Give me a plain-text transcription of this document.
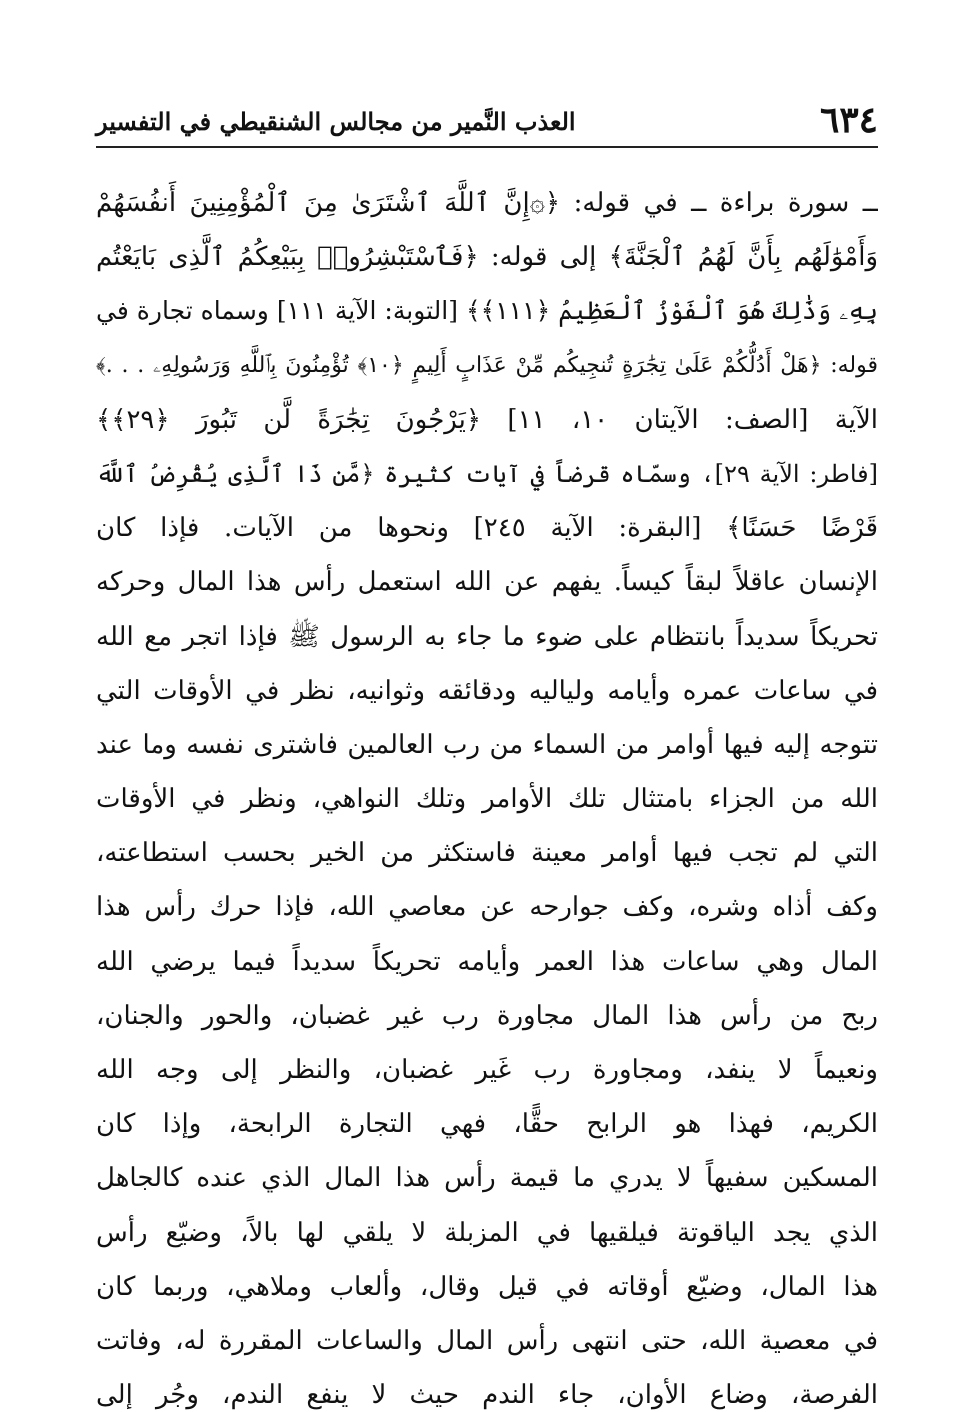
٦٣٤
العذب النَّمير من مجالس الشنقيطي في التفسير
ــ سورة براءة ــ في قوله: ﴿۞إِنَّ ٱللَّهَ ٱشْتَرَىٰ مِنَ ٱلْمُؤْمِنِينَ أَنفُسَهُمْ
وَأَمْوَٰلَهُم بِأَنَّ لَهُمُ ٱلْجَنَّةَ﴾ إلى قوله: ﴿فَٱسْتَبْشِرُوا۟ بِبَيْعِكُمُ ٱلَّذِى بَايَعْتُم
بِهِۦ وَذَٰلِكَ هُوَ ٱلْفَوْزُ ٱلْعَظِيمُ ﴿١١١﴾﴾ [التوبة: الآية ١١١] وسماه تجارة في
قوله: ﴿هَلْ أَدُلُّكُمْ عَلَىٰ تِجَٰرَةٍ تُنجِيكُم مِّنْ عَذَابٍ أَلِيمٍ ﴿١٠﴾ تُؤْمِنُونَ بِٱللَّهِ وَرَسُولِهِۦ . . .﴾
الآية [الصف: الآيتان ١٠، ١١] ﴿يَرْجُونَ تِجَٰرَةً لَّن تَبُورَ ﴿٢٩﴾﴾
[فاطر: الآية ٢٩]، وسمّاه قرضاً في آيات كثيرة ﴿مَّن ذَا ٱلَّذِى يُقْرِضُ ٱللَّهَ
قَرْضًا حَسَنًا﴾ [البقرة: الآية ٢٤٥] ونحوها من الآيات. فإذا كان
الإنسان عاقلاً لبقاً كيساً. يفهم عن الله استعمل رأس هذا المال وحركه
تحريكاً سديداً بانتظام على ضوء ما جاء به الرسول ﷺ فإذا اتجر مع الله
في ساعات عمره وأيامه ولياليه ودقائقه وثوانيه، نظر في الأوقات التي
تتوجه إليه فيها أوامر من السماء من رب العالمين فاشترى نفسه وما عند
الله من الجزاء بامتثال تلك الأوامر وتلك النواهي، ونظر في الأوقات
التي لم تجب فيها أوامر معينة فاستكثر من الخير بحسب استطاعته،
وكف أذاه وشره، وكف جوارحه عن معاصي الله، فإذا حرك رأس هذا
المال وهي ساعات هذا العمر وأيامه تحريكاً سديداً فيما يرضي الله
ربح من رأس هذا المال مجاورة رب غير غضبان، والحور والجنان،
ونعيماً لا ينفد، ومجاورة رب غَير غضبان، والنظر إلى وجه الله
الكريم، فهذا هو الرابح حقًّا، فهي التجارة الرابحة، وإذا كان
المسكين سفيهاً لا يدري ما قيمة رأس هذا المال الذي عنده كالجاهل
الذي يجد الياقوتة فيلقيها في المزبلة لا يلقي لها بالاً، وضيّع رأس
هذا المال، وضيّع أوقاته في قيل وقال، وألعاب وملاهي، وربما كان
في معصية الله، حتى انتهى رأس المال والساعات المقررة له، وفاتت
الفرصة، وضاع الأوان، جاء الندم حيث لا ينفع الندم، وجُر إلى
